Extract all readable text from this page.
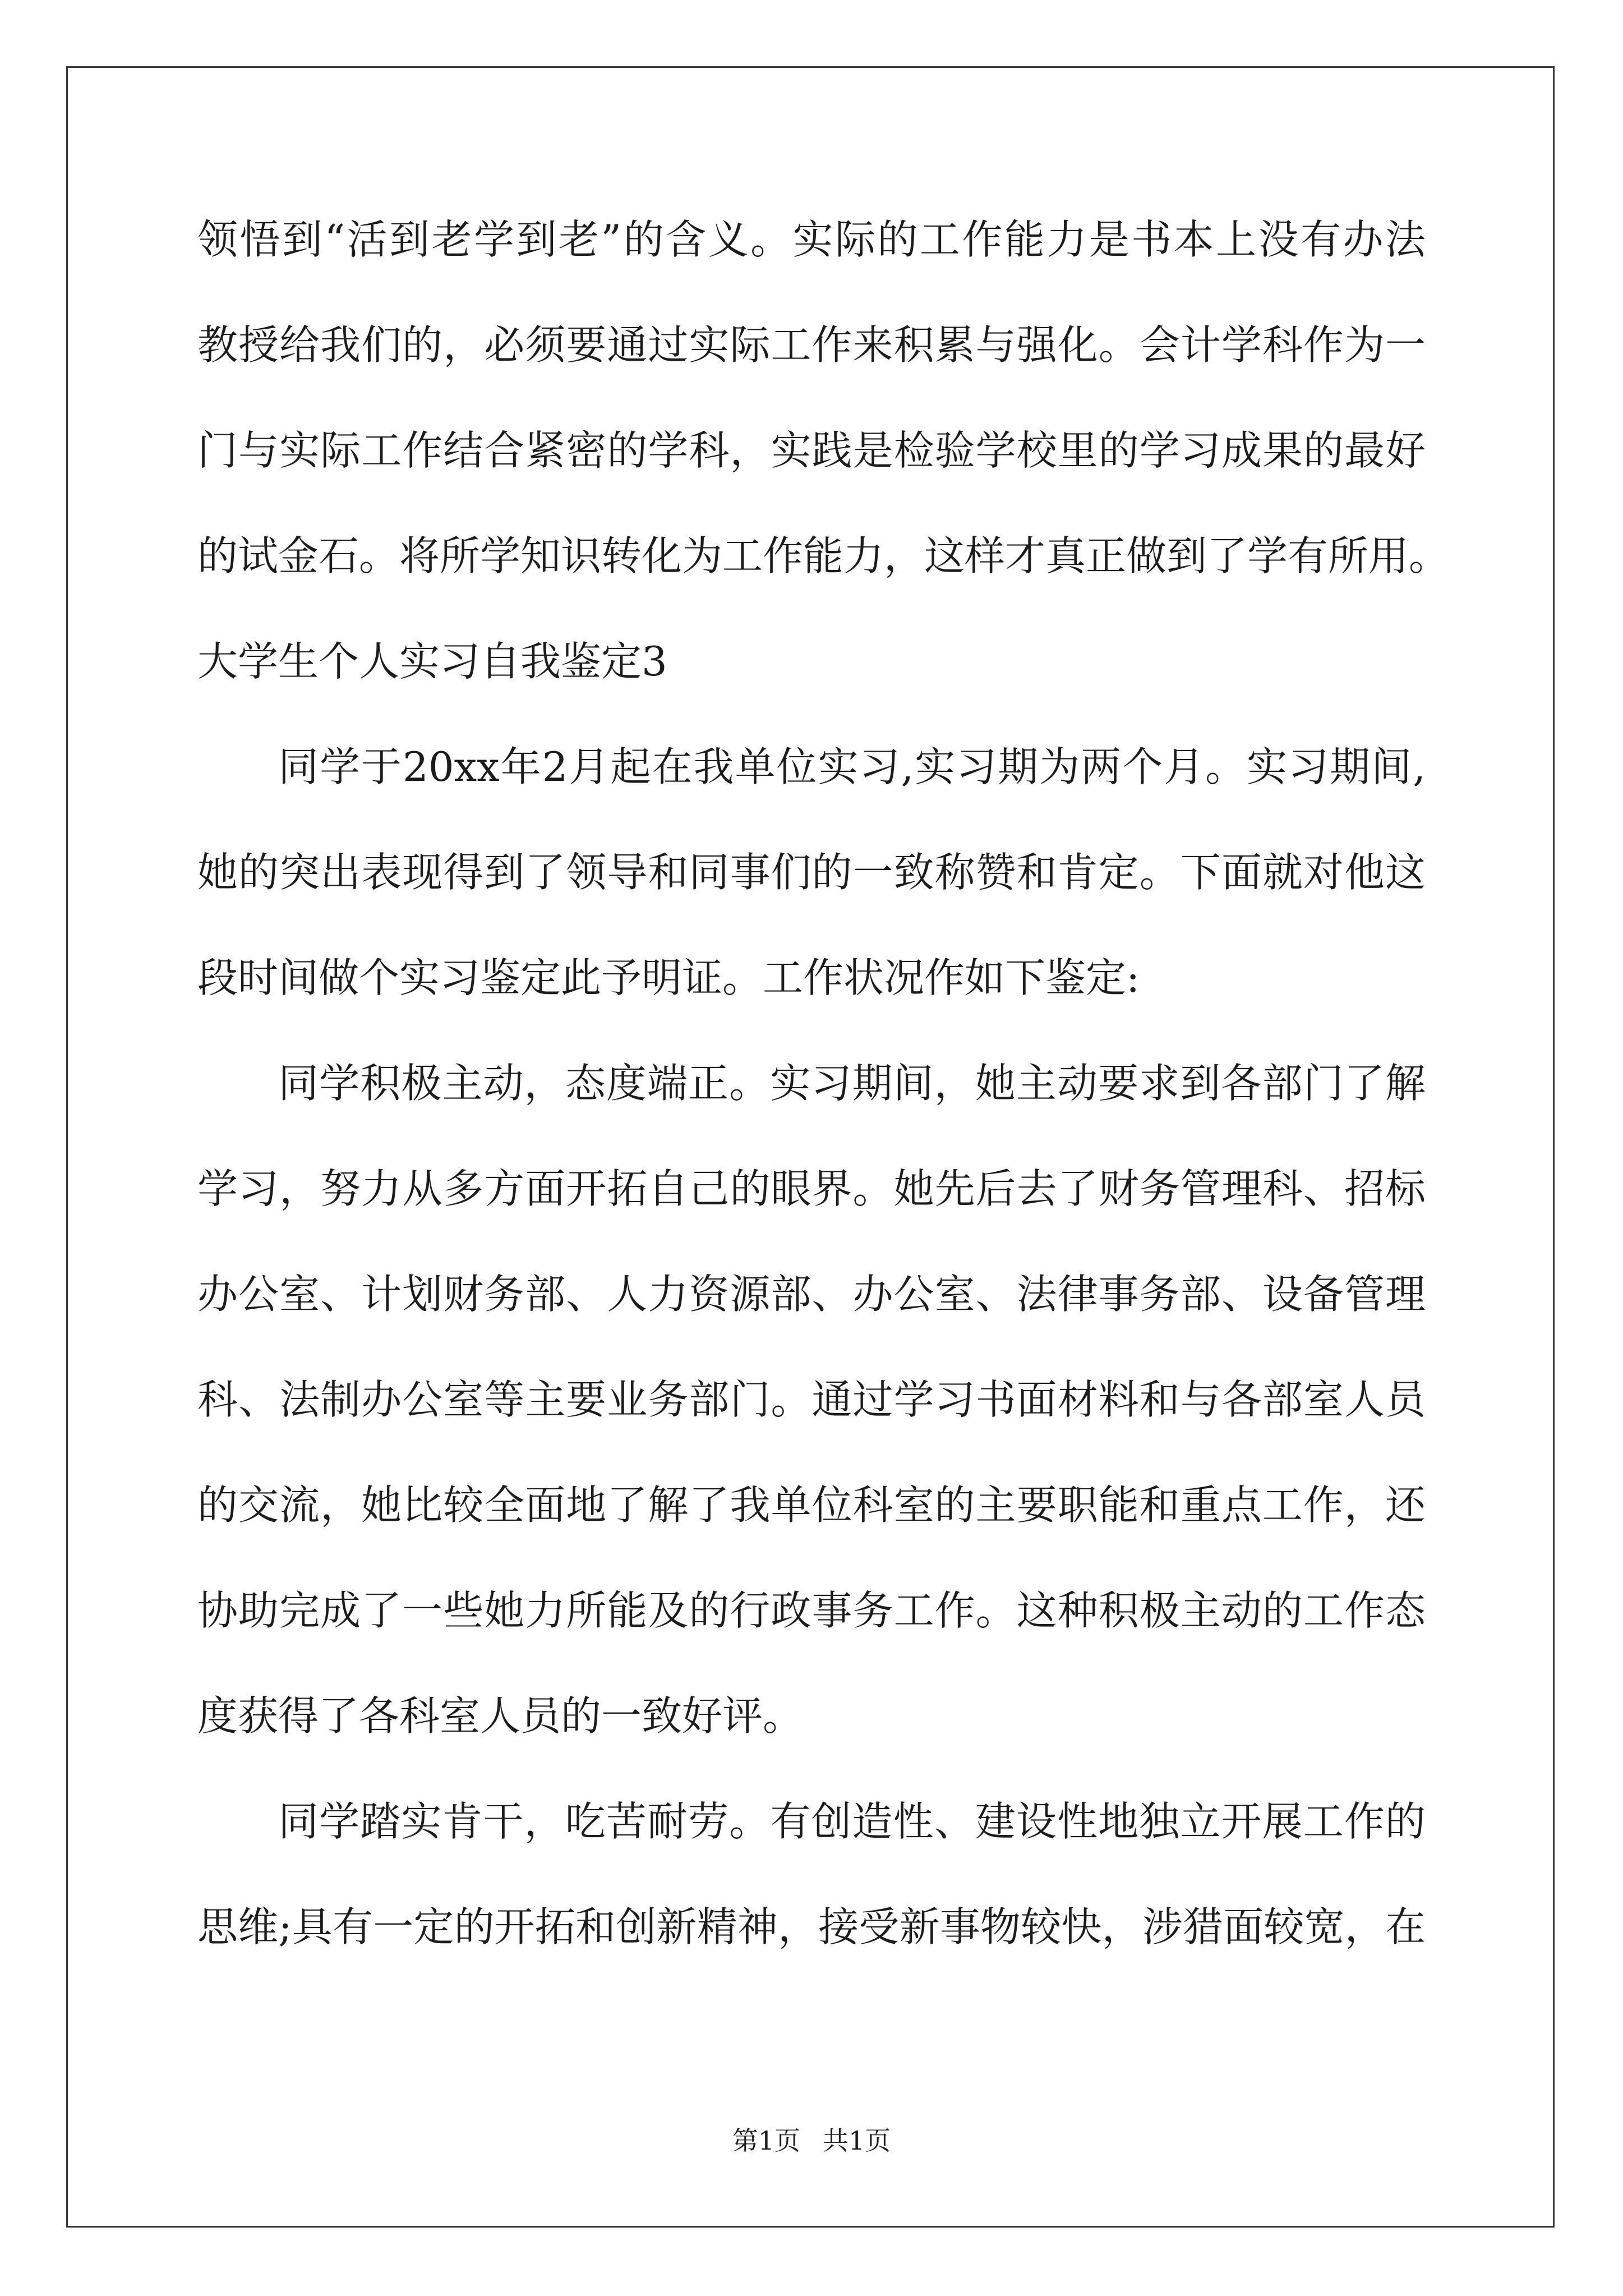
领悟到“活到老学到老”的含义。实际的工作能力是书本上没有办法
教授给我们的，必须要通过实际工作来积累与强化。会计学科作为一
门与实际工作结合紧密的学科，实践是检验学校里的学习成果的最好
的试金石。将所学知识转化为工作能力，这样才真正做到了学有所用。
大学生个人实习自我鉴定3
同学于20xx年2月起在我单位实习,实习期为两个月。实习期间,
她的突出表现得到了领导和同事们的一致称赞和肯定。下面就对他这
段时间做个实习鉴定此予明证。工作状况作如下鉴定:
同学积极主动，态度端正。实习期间，她主动要求到各部门了解
学习，努力从多方面开拓自己的眼界。她先后去了财务管理科、招标
办公室、计划财务部、人力资源部、办公室、法律事务部、设备管理
科、法制办公室等主要业务部门。通过学习书面材料和与各部室人员
的交流，她比较全面地了解了我单位科室的主要职能和重点工作，还
协助完成了一些她力所能及的行政事务工作。这种积极主动的工作态
度获得了各科室人员的一致好评。
同学踏实肯干，吃苦耐劳。有创造性、建设性地独立开展工作的
思维;具有一定的开拓和创新精神，接受新事物较快，涉猎面较宽，在
第1页 共1页
